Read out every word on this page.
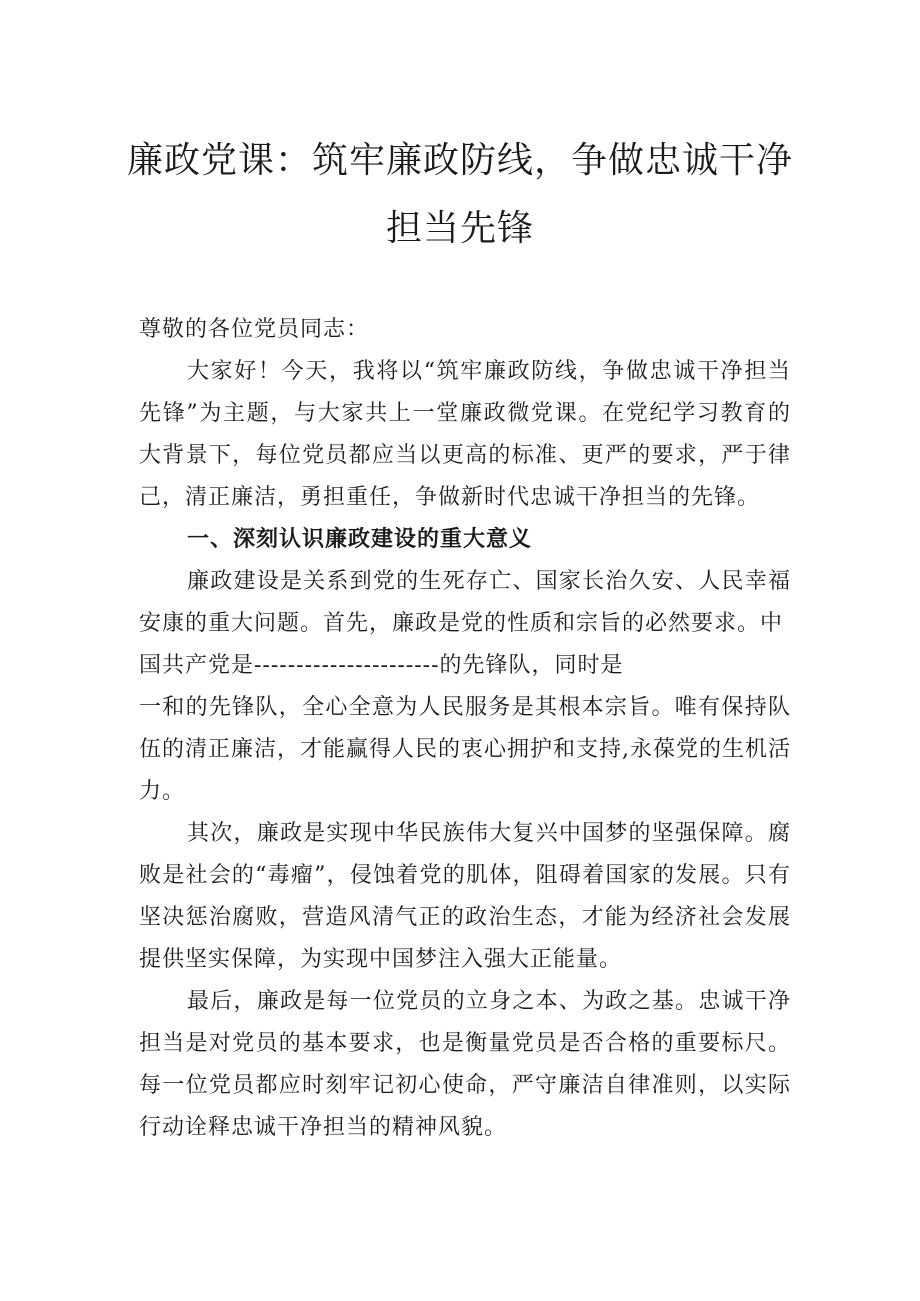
廉政党课：筑牢廉政防线，争做忠诚干净
担当先锋

尊敬的各位党员同志：

大家好！今天，我将以“筑牢廉政防线，争做忠诚干净担当先锋”为主题，与大家共上一堂廉政微党课。在党纪学习教育的大背景下，每位党员都应当以更高的标准、更严的要求，严于律己，清正廉洁，勇担重任，争做新时代忠诚干净担当的先锋。

一、深刻认识廉政建设的重大意义

廉政建设是关系到党的生死存亡、国家长治久安、人民幸福安康的重大问题。首先，廉政是党的性质和宗旨的必然要求。中

国共产党是----------------------的先锋队，同时是

一和的先锋队，全心全意为人民服务是其根本宗旨。唯有保持队伍的清正廉洁，才能赢得人民的衷心拥护和支持,永葆党的生机活力。

其次，廉政是实现中华民族伟大复兴中国梦的坚强保障。腐败是社会的“毒瘤”，侵蚀着党的肌体，阻碍着国家的发展。只有坚决惩治腐败，营造风清气正的政治生态，才能为经济社会发展提供坚实保障，为实现中国梦注入强大正能量。

最后，廉政是每一位党员的立身之本、为政之基。忠诚干净担当是对党员的基本要求，也是衡量党员是否合格的重要标尺。每一位党员都应时刻牢记初心使命，严守廉洁自律准则，以实际行动诠释忠诚干净担当的精神风貌。
